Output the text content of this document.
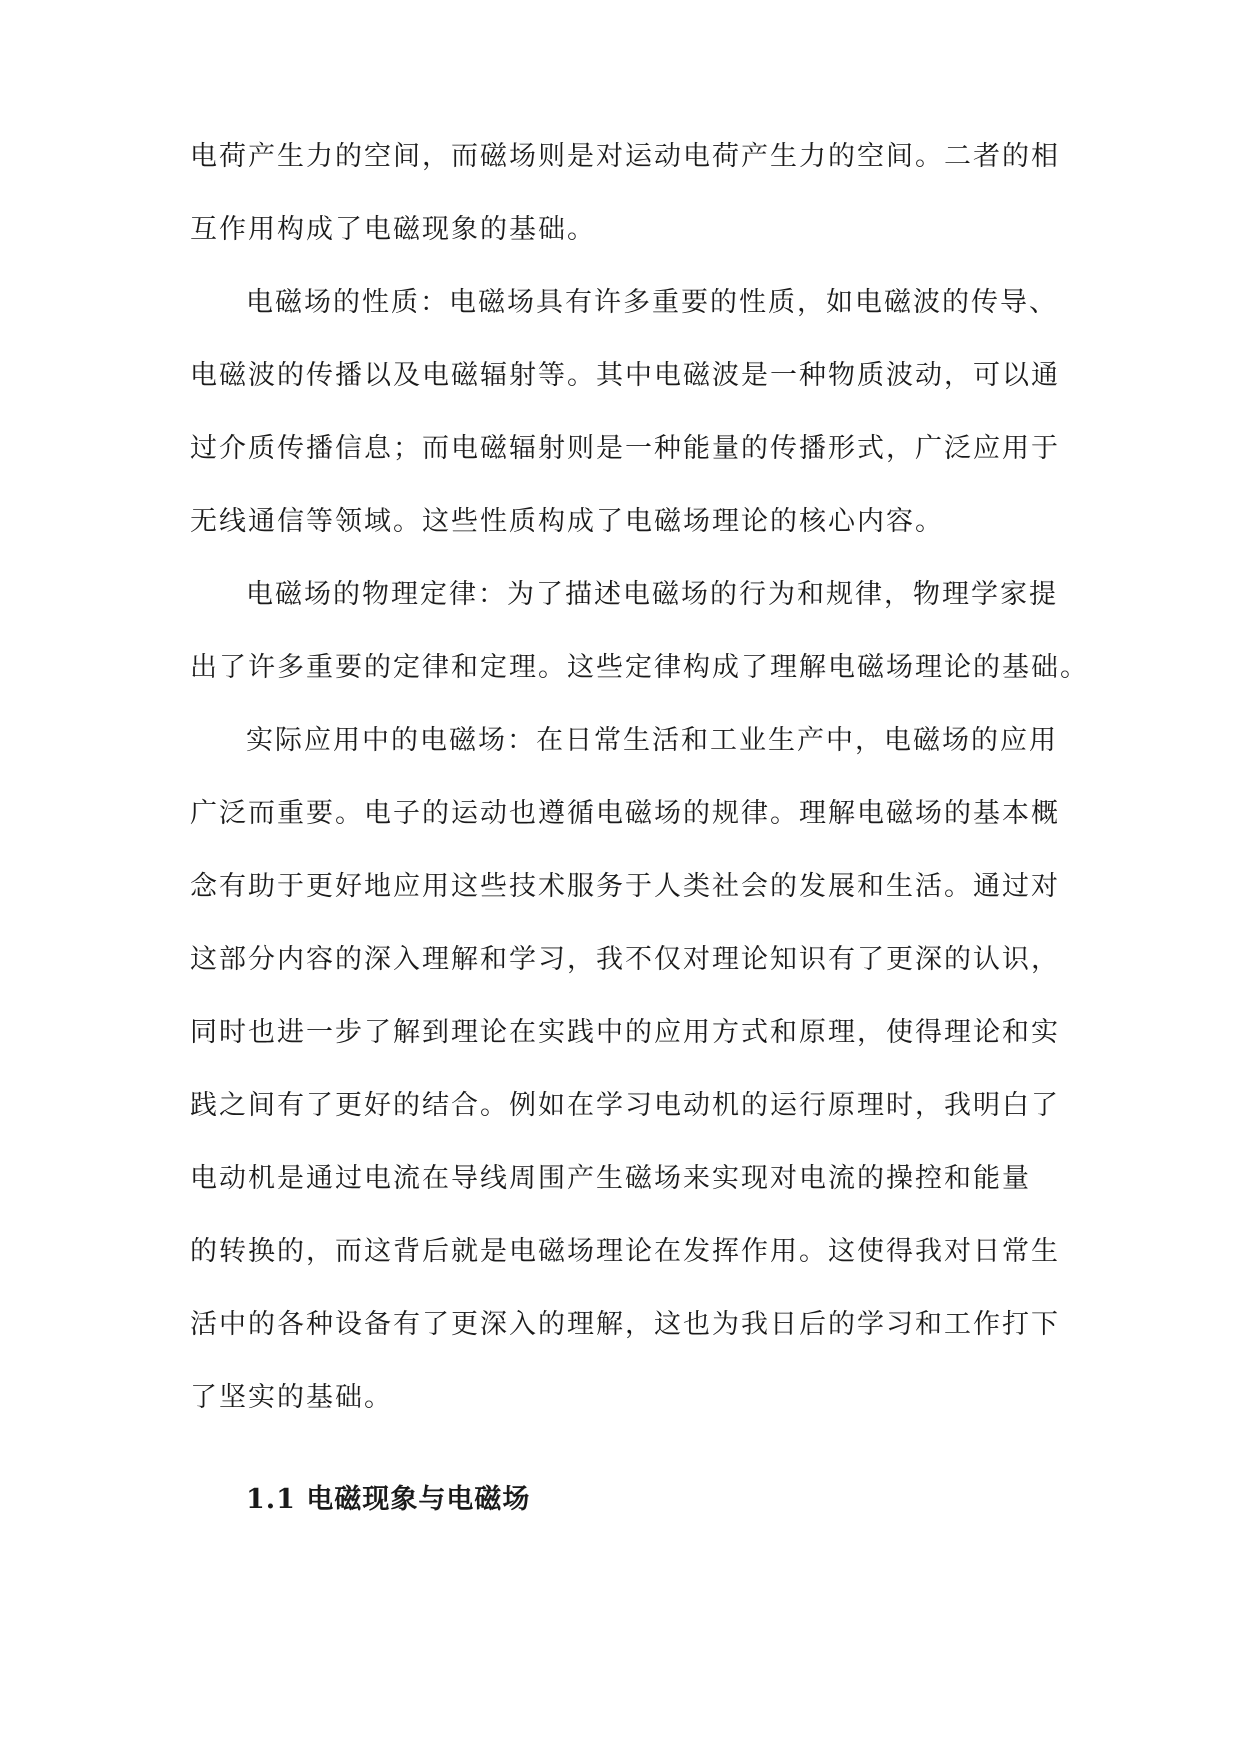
电荷产生力的空间，而磁场则是对运动电荷产生力的空间。二者的相
互作用构成了电磁现象的基础。
电磁场的性质：电磁场具有许多重要的性质，如电磁波的传导、
电磁波的传播以及电磁辐射等。其中电磁波是一种物质波动，可以通
过介质传播信息；而电磁辐射则是一种能量的传播形式，广泛应用于
无线通信等领域。这些性质构成了电磁场理论的核心内容。
电磁场的物理定律：为了描述电磁场的行为和规律，物理学家提
出了许多重要的定律和定理。这些定律构成了理解电磁场理论的基础。
实际应用中的电磁场：在日常生活和工业生产中，电磁场的应用
广泛而重要。电子的运动也遵循电磁场的规律。理解电磁场的基本概
念有助于更好地应用这些技术服务于人类社会的发展和生活。通过对
这部分内容的深入理解和学习，我不仅对理论知识有了更深的认识，
同时也进一步了解到理论在实践中的应用方式和原理，使得理论和实
践之间有了更好的结合。例如在学习电动机的运行原理时，我明白了
电动机是通过电流在导线周围产生磁场来实现对电流的操控和能量
的转换的，而这背后就是电磁场理论在发挥作用。这使得我对日常生
活中的各种设备有了更深入的理解，这也为我日后的学习和工作打下
了坚实的基础。
1.1 电磁现象与电磁场
